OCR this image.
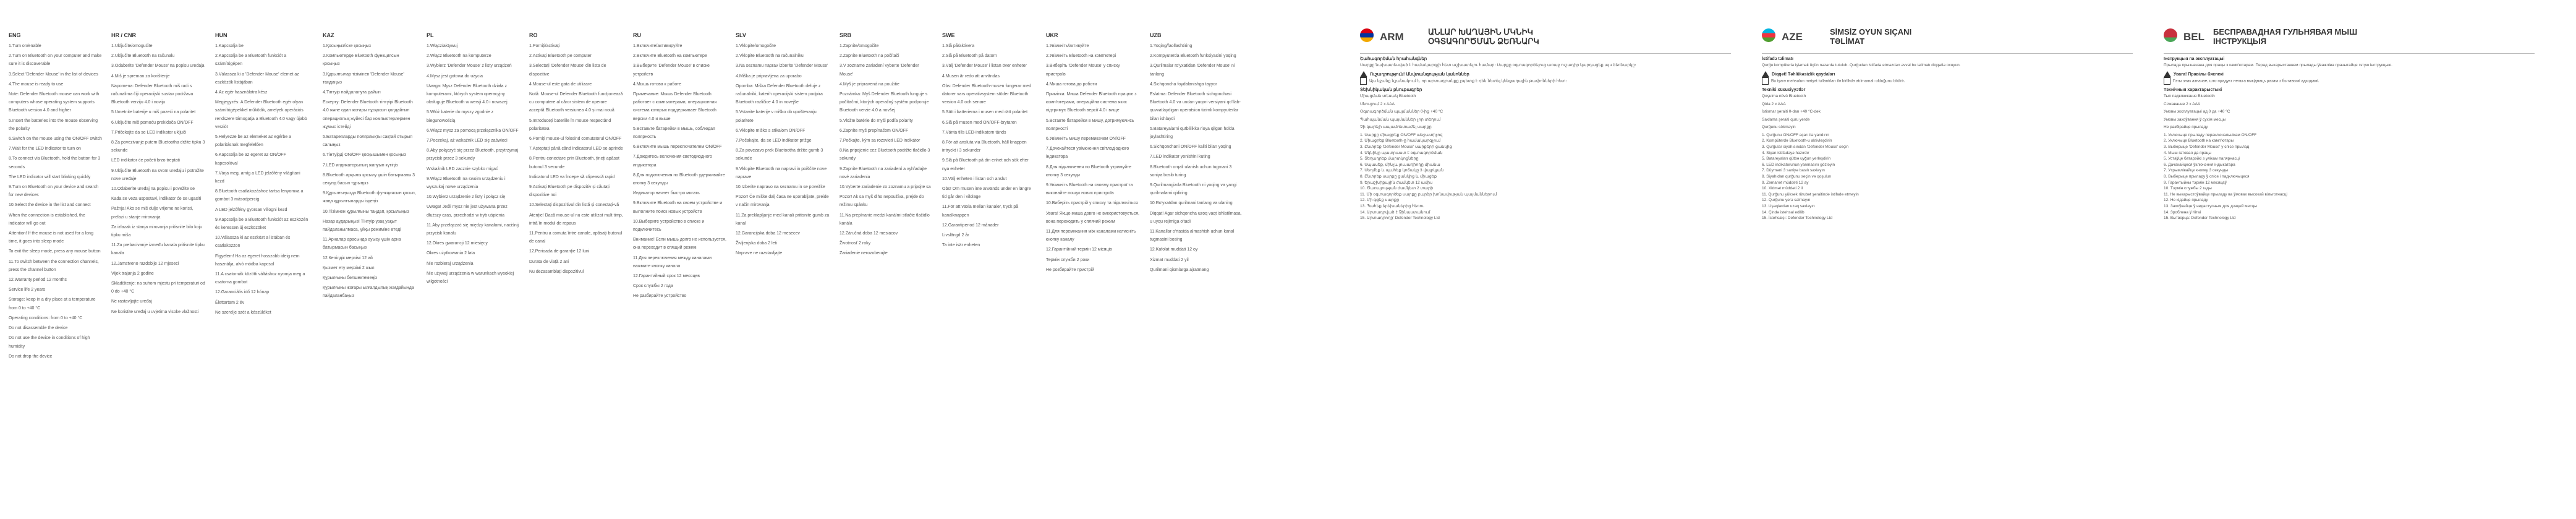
ENG

1.Turn on/enable

2.Turn on Bluetooth on your computer and make sure it is discoverable

3.Select 'Defender Mouse' in the list of devices

4.The mouse is ready to use

Note: Defender Bluetooth mouse can work with computers whose operating system supports Bluetooth version 4.0 and higher

5.Insert the batteries into the mouse observing the polarity

6.Switch on the mouse using the ON/OFF switch

7.Wait for the LED indicator to turn on

8.To connect via Bluetooth, hold the button for 3 seconds

The LED indicator will start blinking quickly

9.Turn on Bluetooth on your device and search for new devices

10.Select the device in the list and connect

When the connection is established, the indicator will go out

Attention! If the mouse is not used for a long time, it goes into sleep mode

To exit the sleep mode, press any mouse button

11.To switch between the connection channels, press the channel button

12.Warranty period 12 months

Service life 2 years

Storage: keep in a dry place at a temperature from 0 to +40 °C

Operating conditions: from 0 to +40 °C

Do not disassemble the device

Do not use the device in conditions of high humidity

Do not drop the device

HR / CNR

1.Uključite/omogućite

2.Uključite Bluetooth na računalu

3.Odaberite 'Defender Mouse' na popisu uređaja

4.Miš je spreman za korištenje

Napomena: Defender Bluetooth miš radi s računalima čiji operacijski sustav podržava Bluetooth verziju 4.0 i noviju

5.Umetnite baterije u miš pazeći na polaritet

6.Uključite miš pomoću prekidača ON/OFF

7.Pričekajte da se LED indikator uključi

8.Za povezivanje putem Bluetootha držite tipku 3 sekunde

LED indikator će početi brzo treptati

9.Uključite Bluetooth na svom uređaju i potražite nove uređaje

10.Odaberite uređaj na popisu i povežite se

Kada se veza uspostavi, indikator će se ugasiti

Pažnja! Ako se miš dulje vrijeme ne koristi, prelazi u stanje mirovanja

Za izlazak iz stanja mirovanja pritisnite bilo koju tipku miša

11.Za prebacivanje između kanala pritisnite tipku kanala

12.Jamstveno razdoblje 12 mjeseci

Vijek trajanja 2 godine

Skladištenje: na suhom mjestu pri temperaturi od 0 do +40 °C

Ne rastavljajte uređaj

Ne koristite uređaj u uvjetima visoke vlažnosti

HUN

1.Kapcsolja be

2.Kapcsolja be a Bluetooth funkciót a számítógépen

3.Válassza ki a 'Defender Mouse' elemet az eszközök listájában

4.Az egér használatra kész

Megjegyzés: A Defender Bluetooth egér olyan számítógépekkel működik, amelyek operációs rendszere támogatja a Bluetooth 4.0 vagy újabb verziót

5.Helyezze be az elemeket az egérbe a polaritásnak megfelelően

6.Kapcsolja be az egeret az ON/OFF kapcsolóval

7.Várja meg, amíg a LED jelzőfény világítani kezd

8.Bluetooth csatlakozáshoz tartsa lenyomva a gombot 3 másodpercig

A LED jelzőfény gyorsan villogni kezd

9.Kapcsolja be a Bluetooth funkciót az eszközén és keressen új eszközöket

10.Válassza ki az eszközt a listában és csatlakozzon

Figyelem! Ha az egeret hosszabb ideig nem használja, alvó módba kapcsol

11.A csatornák közötti váltáshoz nyomja meg a csatorna gombot

12.Garanciális idő 12 hónap

Élettartam 2 év

Ne szerelje szét a készüléket

KAZ

1.Қосыңыз/іске қосыңыз

2.Компьютерде Bluetooth функциясын қосыңыз

3.Құрылғылар тізімінен 'Defender Mouse' таңдаңыз

4.Тінтуір пайдалануға дайын

Ескерту: Defender Bluetooth тінтуірі Bluetooth 4.0 және одан жоғары нұсқасын қолдайтын операциялық жүйесі бар компьютерлермен жұмыс істейді

5.Батареяларды полярлықты сақтай отырып салыңыз

6.Тінтуірді ON/OFF қосқышымен қосыңыз

7.LED индикаторының жануын күтіңіз

8.Bluetooth арқылы қосылу үшін батырманы 3 секунд басып тұрыңыз

9.Құрылғыңызда Bluetooth функциясын қосып, жаңа құрылғыларды іздеңіз

10.Тізімнен құрылғыны таңдап, қосылыңыз

Назар аударыңыз! Тінтуір ұзақ уақыт пайдаланылмаса, ұйқы режиміне өтеді

11.Арналар арасында ауысу үшін арна батырмасын басыңыз

12.Кепілдік мерзімі 12 ай

Қызмет ету мерзімі 2 жыл

Құрылғыны бөлшектемеңіз

Құрылғыны жоғары ылғалдылық жағдайында пайдаланбаңыз

PL

1.Włącz/aktywuj

2.Włącz Bluetooth na komputerze

3.Wybierz 'Defender Mouse' z listy urządzeń

4.Mysz jest gotowa do użycia

Uwaga: Mysz Defender Bluetooth działa z komputerami, których system operacyjny obsługuje Bluetooth w wersji 4.0 i nowszej

5.Włóż baterie do myszy zgodnie z biegunowością

6.Włącz mysz za pomocą przełącznika ON/OFF

7.Poczekaj, aż wskaźnik LED się zaświeci

8.Aby połączyć się przez Bluetooth, przytrzymaj przycisk przez 3 sekundy

Wskaźnik LED zacznie szybko migać

9.Włącz Bluetooth na swoim urządzeniu i wyszukaj nowe urządzenia

10.Wybierz urządzenie z listy i połącz się

Uwaga! Jeśli mysz nie jest używana przez dłuższy czas, przechodzi w tryb uśpienia

11.Aby przełączać się między kanałami, naciśnij przycisk kanału

12.Okres gwarancji 12 miesięcy

Okres użytkowania 2 lata

Nie rozbieraj urządzenia

Nie używaj urządzenia w warunkach wysokiej wilgotności

RO

1.Porniți/activați

2.Activați Bluetooth pe computer

3.Selectați 'Defender Mouse' din lista de dispozitive

4.Mouse-ul este gata de utilizare

Notă: Mouse-ul Defender Bluetooth funcționează cu computere al căror sistem de operare acceptă Bluetooth versiunea 4.0 și mai nouă

5.Introduceți bateriile în mouse respectând polaritatea

6.Porniți mouse-ul folosind comutatorul ON/OFF

7.Așteptați până când indicatorul LED se aprinde

8.Pentru conectare prin Bluetooth, țineți apăsat butonul 3 secunde

Indicatorul LED va începe să clipească rapid

9.Activați Bluetooth pe dispozitiv și căutați dispozitive noi

10.Selectați dispozitivul din listă și conectați-vă

Atenție! Dacă mouse-ul nu este utilizat mult timp, intră în modul de repaus

11.Pentru a comuta între canale, apăsați butonul de canal

12.Perioada de garanție 12 luni

Durata de viață 2 ani

Nu dezasamblați dispozitivul

RU

1.Включите/активируйте

2.Включите Bluetooth на компьютере

3.Выберите 'Defender Mouse' в списке устройств

4.Мышь готова к работе

Примечание: Мышь Defender Bluetooth работает с компьютерами, операционная система которых поддерживает Bluetooth версии 4.0 и выше

5.Вставьте батарейки в мышь, соблюдая полярность

6.Включите мышь переключателем ON/OFF

7.Дождитесь включения светодиодного индикатора

8.Для подключения по Bluetooth удерживайте кнопку 3 секунды

Индикатор начнет быстро мигать

9.Включите Bluetooth на своем устройстве и выполните поиск новых устройств

10.Выберите устройство в списке и подключитесь

Внимание! Если мышь долго не используется, она переходит в спящий режим

11.Для переключения между каналами нажмите кнопку канала

12.Гарантийный срок 12 месяцев

Срок службы 2 года

Не разбирайте устройство

SLV

1.Vklopite/omogočite

2.Vklopite Bluetooth na računalniku

3.Na seznamu naprav izberite 'Defender Mouse'

4.Miška je pripravljena za uporabo

Opomba: Miška Defender Bluetooth deluje z računalniki, katerih operacijski sistem podpira Bluetooth različice 4.0 in novejše

5.Vstavite baterije v miško ob upoštevanju polaritete

6.Vklopite miško s stikalom ON/OFF

7.Počakajte, da se LED indikator prižge

8.Za povezavo prek Bluetootha držite gumb 3 sekunde

9.Vklopite Bluetooth na napravi in poiščite nove naprave

10.Izberite napravo na seznamu in se povežite

Pozor! Če miške dalj časa ne uporabljate, preide v način mirovanja

11.Za preklapljanje med kanali pritisnite gumb za kanal

12.Garancijska doba 12 mesecev

Življenjska doba 2 leti

Naprave ne razstavljajte

SRB

1.Zapnite/omogočite

2.Zapnite Bluetooth na počítači

3.V zozname zariadení vyberte 'Defender Mouse'

4.Myš je pripravená na použitie

Poznámka: Myš Defender Bluetooth funguje s počítačmi, ktorých operačný systém podporuje Bluetooth verzie 4.0 a novšej

5.Vložte batérie do myši podľa polarity

6.Zapnite myš prepínačom ON/OFF

7.Počkajte, kým sa rozsvieti LED indikátor

8.Na pripojenie cez Bluetooth podržte tlačidlo 3 sekundy

9.Zapnite Bluetooth na zariadení a vyhľadajte nové zariadenia

10.Vyberte zariadenie zo zoznamu a pripojte sa

Pozor! Ak sa myš dlho nepoužíva, prejde do režimu spánku

11.Na prepínanie medzi kanálmi stlačte tlačidlo kanála

12.Záručná doba 12 mesiacov

Životnosť 2 roky

Zariadenie nerozoberajte

SWE

1.Slå på/aktivera

2.Slå på Bluetooth på datorn

3.Välj 'Defender Mouse' i listan över enheter

4.Musen är redo att användas

Obs: Defender Bluetooth-musen fungerar med datorer vars operativsystem stöder Bluetooth version 4.0 och senare

5.Sätt i batterierna i musen med rätt polaritet

6.Slå på musen med ON/OFF-brytaren

7.Vänta tills LED-indikatorn tänds

8.För att ansluta via Bluetooth, håll knappen intryckt i 3 sekunder

9.Slå på Bluetooth på din enhet och sök efter nya enheter

10.Välj enheten i listan och anslut

Obs! Om musen inte används under en längre tid går den i viloläge

11.För att växla mellan kanaler, tryck på kanalknappen

12.Garantiperiod 12 månader

Livslängd 2 år

Ta inte isär enheten

UKR

1.Увімкніть/активуйте

2.Увімкніть Bluetooth на комп'ютері

3.Виберіть 'Defender Mouse' у списку пристроїв

4.Миша готова до роботи

Примітка: Миша Defender Bluetooth працює з комп'ютерами, операційна система яких підтримує Bluetooth версії 4.0 і вище

5.Вставте батарейки в мишу, дотримуючись полярності

6.Увімкніть мишу перемикачем ON/OFF

7.Дочекайтеся увімкнення світлодіодного індикатора

8.Для підключення по Bluetooth утримуйте кнопку 3 секунди

9.Увімкніть Bluetooth на своєму пристрої та виконайте пошук нових пристроїв

10.Виберіть пристрій у списку та підключіться

Увага! Якщо миша довго не використовується, вона переходить у сплячий режим

11.Для перемикання між каналами натисніть кнопку каналу

12.Гарантійний термін 12 місяців

Термін служби 2 роки

Не розбирайте пристрій

UZB

1.Yoqing/faollashtiring

2.Kompyuterda Bluetooth funksiyasini yoqing

3.Qurilmalar ro'yxatidan 'Defender Mouse' ni tanlang

4.Sichqoncha foydalanishga tayyor

Eslatma: Defender Bluetooth sichqonchasi Bluetooth 4.0 va undan yuqori versiyani qo'llab-quvvatlaydigan operatsion tizimli kompyuterlar bilan ishlaydi

5.Batareyalarni qutblilikka rioya qilgan holda joylashtiring

6.Sichqonchani ON/OFF kaliti bilan yoqing

7.LED indikator yonishini kuting

8.Bluetooth orqali ulanish uchun tugmani 3 soniya bosib turing

9.Qurilmangizda Bluetooth ni yoqing va yangi qurilmalarni qidiring

10.Ro'yxatdan qurilmani tanlang va ulaning

Diqqat! Agar sichqoncha uzoq vaqt ishlatilmasa, u uyqu rejimiga o'tadi

11.Kanallar o'rtasida almashish uchun kanal tugmasini bosing

12.Kafolat muddati 12 oy

Xizmat muddati 2 yil

Qurilmani qismlarga ajratmang

ARM	ԱՆԼԱՐ ԽԱՂԱՅԻՆ ՄԿՆԻԿ
ՕԳՏԱԳՈՐԾՄԱՆ ՁԵՌՆԱՐԿ
Շահագործման հրահանգներ
Սարքը նախատեսված է համակարգչի հետ աշխատելու համար։ Սարքը օգտագործելուց առաջ ուշադիր կարդացեք այս ձեռնարկը։
Ուշադրություն! Անվտանգության կանոններ
Այս նշանը նշանակում է, որ արտադրանքը չպետք է դեն նետել կենցաղային թափոնների հետ։
Տեխնիկական բնութագրեր
Միացման տեսակ Bluetooth
Սնուցում 2 x AAA
Օգտագործման պայմաններ 0-ից +40 °C
Պահպանման պայմաններ չոր տեղում
Չի կարելի ապամոնտաժել սարքը
1. Սարքը միացրեք ON/OFF անջատիչով
2. Միացրեք Bluetooth-ը համակարգչում
3. Ընտրեք 'Defender Mouse' սարքերի ցանկից
4. Մկնիկը պատրաստ է օգտագործման
5. Տեղադրեք մարտկոցները
6. Սպասեք, մինչև լուսադիոդը միանա
7. Սեղմեք և պահեք կոճակը 3 վայրկյան
8. Ընտրեք սարքը ցանկից և միացեք
9. Երաշխիքային ժամկետ 12 ամիս
10. Ծառայության ժամկետ 2 տարի
11. Մի օգտագործեք սարքը բարձր խոնավության պայմաններում
12. Մի գցեք սարքը
13. Պահեք երեխաներից հեռու
14. Արտադրված է Չինաստանում
15. Արտադրողը՝ Defender Technology Ltd
AZE	SİMSİZ OYUN SIÇANI
TƏLİMAT
İstifadə təlimatı
Qurğu kompüterlə işləmək üçün nəzərdə tutulub. Qurğudan istifadə etməzdən əvvəl bu təlimatı diqqətlə oxuyun.
Diqqət! Təhlükəsizlik qaydaları
Bu işarə məhsulun məişət tullantıları ilə birlikdə atılmamalı olduğunu bildirir.
Texniki xüsusiyyətlər
Qoşulma növü Bluetooth
Qida 2 x AAA
İstismar şəraiti 0-dan +40 °C-dək
Saxlama şəraiti quru yerdə
Qurğunu sökməyin
1. Qurğunu ON/OFF açarı ilə yandırın
2. Kompüterdə Bluetooth-u aktivləşdirin
3. Qurğular siyahısından 'Defender Mouse' seçin
4. Siçan istifadəyə hazırdır
5. Batareyaları qütbə uyğun yerləşdirin
6. LED indikatorunun yanmasını gözləyin
7. Düyməni 3 saniyə basılı saxlayın
8. Siyahıdan qurğunu seçin və qoşulun
9. Zəmanət müddəti 12 ay
10. Xidmət müddəti 2 il
11. Qurğunu yüksək rütubət şəraitində istifadə etməyin
12. Qurğunu yerə salmayın
13. Uşaqlardan uzaq saxlayın
14. Çində istehsal edilib
15. İstehsalçı: Defender Technology Ltd
BEL БЕСПРАВАДНАЯ ГУЛЬНЯВАЯ МЫШ
ІНСТРУКЦЫЯ
Інструкцыя па эксплуатацыі
Прылада прызначана для працы з камп'ютарам. Перад выкарыстаннем прылады ўважліва прачытайце гэтую інструкцыю.
Увага! Правілы бяспекі
Гэты знак азначае, што прадукт нельга выкідваць разам з бытавымі адходамі.
Тэхнічныя характарыстыкі
Тып падключэння Bluetooth
Сілкаванне 2 x AAA
Умовы эксплуатацыі ад 0 да +40 °C
Умовы захоўвання ў сухім месцы
Не разбірайце прыладу
1. Уключыце прыладу пераключальнікам ON/OFF
2. Уключыце Bluetooth на камп'ютары
3. Выберыце 'Defender Mouse' у спісе прылад
4. Мыш гатовая да працы
5. Устаўце батарэйкі з улікам палярнасці
6. Дачакайцеся ўключэння індыкатара
7. Утрымлівайце кнопку 3 секунды
8. Выберыце прыладу ў спісе і падключыцеся
9. Гарантыйны тэрмін 12 месяцаў
10. Тэрмін службы 2 гады
11. Не выкарыстоўвайце прыладу ва ўмовах высокай вільготнасці
12. Не кідайце прыладу
13. Захоўвайце ў недаступным для дзяцей месцы
14. Зроблена ў Кітаі
15. Вытворца: Defender Technology Ltd
